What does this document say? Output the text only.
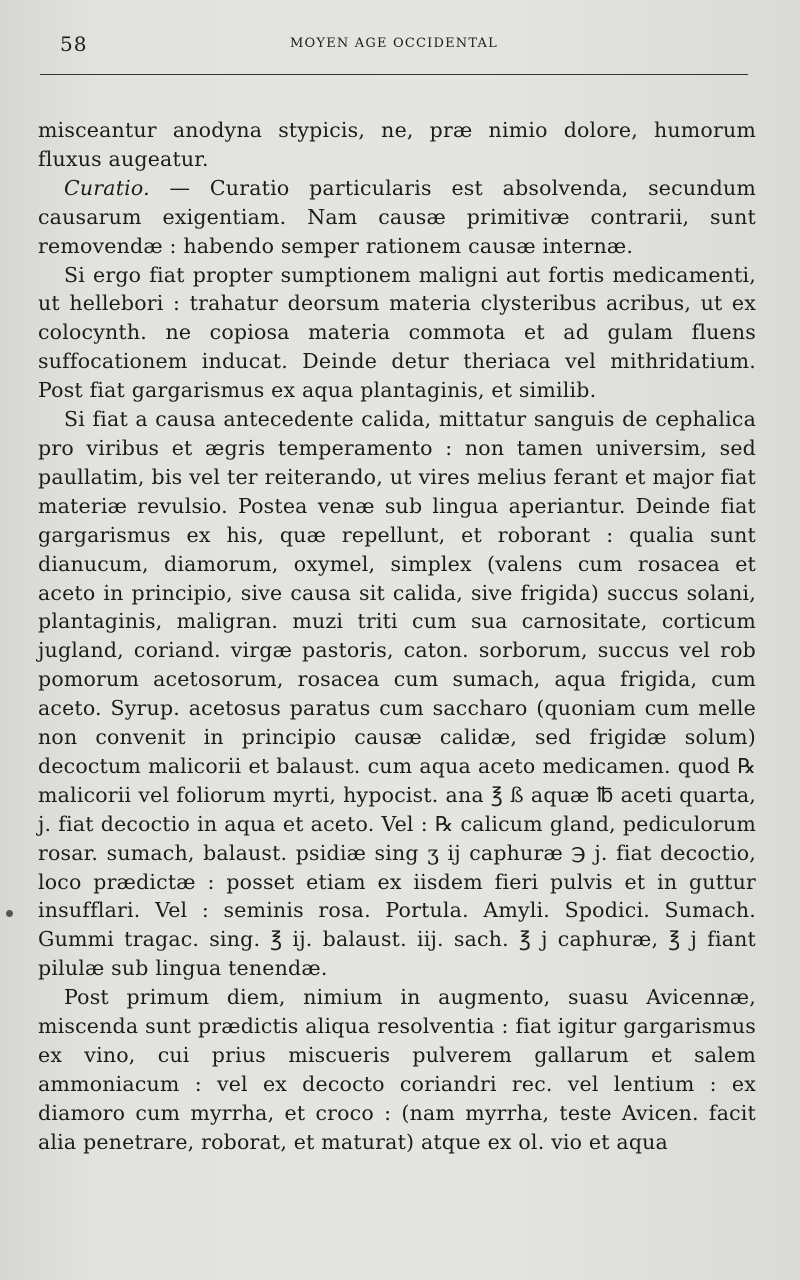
58	MOYEN AGE OCCIDENTAL

misceantur anodyna stypicis, ne, præ nimio dolore, humorum fluxus augeatur.

Curatio. — Curatio particularis est absolvenda, secundum causarum exigentiam. Nam causæ primitivæ contrarii, sunt removendæ : habendo semper rationem causæ internæ.

Si ergo fiat propter sumptionem maligni aut fortis medicamenti, ut hellebori : trahatur deorsum materia clysteribus acribus, ut ex colocynth. ne copiosa materia commota et ad gulam fluens suffocationem inducat. Deinde detur theriaca vel mithridatium. Post fiat gargarismus ex aqua plantaginis, et similib.

Si fiat a causa antecedente calida, mittatur sanguis de cephalica pro viribus et ægris temperamento : non tamen universim, sed paullatim, bis vel ter reiterando, ut vires melius ferant et major fiat materiæ revulsio. Postea venæ sub lingua aperiantur. Deinde fiat gargarismus ex his, quæ repellunt, et roborant : qualia sunt dianucum, diamorum, oxymel, simplex (valens cum rosacea et aceto in principio, sive causa sit calida, sive frigida) succus solani, plantaginis, maligran. muzi triti cum sua carnositate, corticum jugland, coriand. virgæ pastoris, caton. sorborum, succus vel rob pomorum acetosorum, rosacea cum sumach, aqua frigida, cum aceto. Syrup. acetosus paratus cum saccharo (quoniam cum melle non convenit in principio causæ calidæ, sed frigidæ solum) decoctum malicorii et balaust. cum aqua aceto medicamen. quod ℞ malicorii vel foliorum myrti, hypocist. ana ℥ ß aquæ ℔ aceti quarta, j. fiat decoctio in aqua et aceto. Vel : ℞ calicum gland, pediculorum rosar. sumach, balaust. psidiæ sing ʒ ij caphuræ ℈ j. fiat decoctio, loco prædictæ : posset etiam ex iisdem fieri pulvis et in guttur insufflari. Vel : seminis rosa. Portula. Amyli. Spodici. Sumach. Gummi tragac. sing. ℥ ij. balaust. iij. sach. ℥ j caphuræ, ℥ j fiant pilulæ sub lingua tenendæ.

Post primum diem, nimium in augmento, suasu Avicennæ, miscenda sunt prædictis aliqua resolventia : fiat igitur gargarismus ex vino, cui prius miscueris pulverem gallarum et salem ammoniacum : vel ex decocto coriandri rec. vel lentium : ex diamoro cum myrrha, et croco : (nam myrrha, teste Avicen. facit alia penetrare, roborat, et maturat) atque ex ol. vio et aqua
